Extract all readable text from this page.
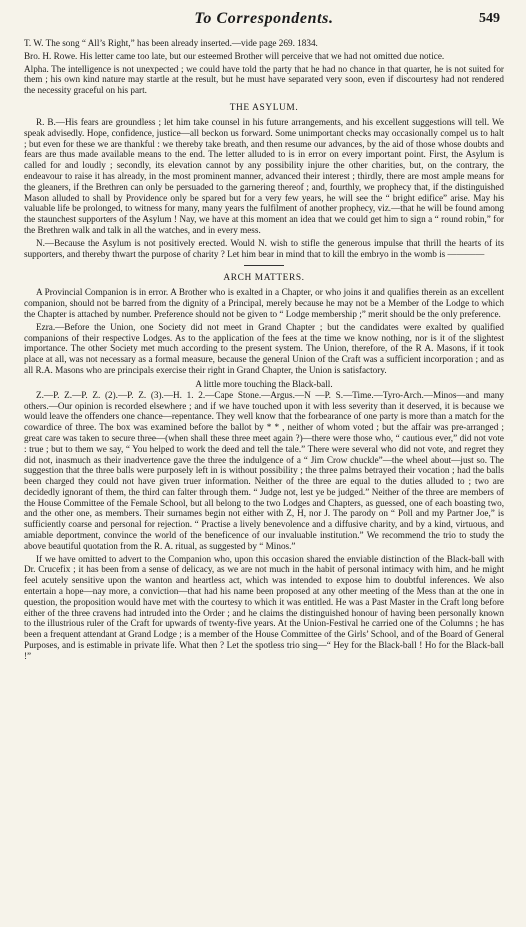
To Correspondents.	549

T. W. The song “ All’s Right,” has been already inserted.—vide page 269. 1834.

Bro. H. Rowe. His letter came too late, but our esteemed Brother will perceive that we had not omitted due notice.

Alpha. The intelligence is not unexpected ; we could have told the party that he had no chance in that quarter, he is not suited for them ; his own kind nature may startle at the result, but he must have separated very soon, even if discourtesy had not rendered the necessity graceful on his part.

THE ASYLUM.

R. B.—His fears are groundless ; let him take counsel in his future arrangements, and his excellent suggestions will tell. We speak advisedly. Hope, confidence, justice—all beckon us forward. Some unimportant checks may occasionally compel us to halt ; but even for these we are thankful : we thereby take breath, and then resume our advances, by the aid of those whose doubts and fears are thus made available means to the end. The letter alluded to is in error on every important point. First, the Asylum is called for and loudly ; secondly, its elevation cannot by any possibility injure the other charities, but, on the contrary, the endeavour to raise it has already, in the most prominent manner, advanced their interest ; thirdly, there are most ample means for the gleaners, if the Brethren can only be persuaded to the garnering thereof ; and, fourthly, we prophecy that, if the distinguished Mason alluded to shall by Providence only be spared but for a very few years, he will see the “ bright edifice” arise. May his valuable life be prolonged, to witness for many, many years the fulfilment of another prophecy, viz.—that he will be found among the staunchest supporters of the Asylum ! Nay, we have at this moment an idea that we could get him to sign a “ round robin,” for the Brethren walk and talk in all the watches, and in every mess.

N.—Because the Asylum is not positively erected. Would N. wish to stifle the generous impulse that thrill the hearts of its supporters, and thereby thwart the purpose of charity ? Let him bear in mind that to kill the embryo in the womb is ————

ARCH MATTERS.

A Provincial Companion is in error. A Brother who is exalted in a Chapter, or who joins it and qualifies therein as an excellent companion, should not be barred from the dignity of a Principal, merely because he may not be a Member of the Lodge to which the Chapter is attached by number. Preference should not be given to “ Lodge membership ;” merit should be the only preference.

Ezra.—Before the Union, one Society did not meet in Grand Chapter ; but the candidates were exalted by qualified companions of their respective Lodges. As to the application of the fees at the time we know nothing, nor is it of the slightest importance. The other Society met much according to the present system. The Union, therefore, of the R A. Masons, if it took place at all, was not necessary as a formal measure, because the general Union of the Craft was a sufficient incorporation ; and as all R.A. Masons who are principals exercise their right in Grand Chapter, the Union is satisfactory.

A little more touching the Black-ball.

Z.—P. Z.—P. Z. (2).—P. Z. (3).—H. 1. 2.—Cape Stone.—Argus.—N —P. S.—Time.—Tyro-Arch.—Minos—and many others.—Our opinion is recorded elsewhere ; and if we have touched upon it with less severity than it deserved, it is because we would leave the offenders one chance—repentance. They well know that the forbearance of one party is more than a match for the cowardice of three. The box was examined before the ballot by * * , neither of whom voted ; but the affair was pre-arranged ; great care was taken to secure three—(when shall these three meet again ?)—there were those who, “ cautious ever,” did not vote : true ; but to them we say, “ You helped to work the deed and tell the tale.” There were several who did not vote, and regret they did not, inasmuch as their inadvertence gave the three the indulgence of a “ Jim Crow chuckle”—the wheel about—just so. The suggestion that the three balls were purposely left in is without possibility ; the three palms betrayed their vocation ; had the balls been charged they could not have given truer information. Neither of the three are equal to the duties alluded to ; two are decidedly ignorant of them, the third can falter through them. “ Judge not, lest ye be judged.” Neither of the three are members of the House Committee of the Female School, but all belong to the two Lodges and Chapters, as guessed, one of each boasting two, and the other one, as members. Their surnames begin not either with Z, H, nor J. The parody on “ Poll and my Partner Joe,” is sufficiently coarse and personal for rejection. “ Practise a lively benevolence and a diffusive charity, and by a kind, virtuous, and amiable deportment, convince the world of the beneficence of our invaluable institution.” We recommend the trio to study the above beautiful quotation from the R. A. ritual, as suggested by “ Minos.”

If we have omitted to advert to the Companion who, upon this occasion shared the enviable distinction of the Black-ball with Dr. Crucefix ; it has been from a sense of delicacy, as we are not much in the habit of personal intimacy with him, and he might feel acutely sensitive upon the wanton and heartless act, which was intended to expose him to doubtful inferences. We also entertain a hope—nay more, a conviction—that had his name been proposed at any other meeting of the Mess than at the one in question, the proposition would have met with the courtesy to which it was entitled. He was a Past Master in the Craft long before either of the three cravens had intruded into the Order ; and he claims the distinguished honour of having been personally known to the illustrious ruler of the Craft for upwards of twenty-five years. At the Union-Festival he carried one of the Columns ; he has been a frequent attendant at Grand Lodge ; is a member of the House Committee of the Girls’ School, and of the Board of General Purposes, and is estimable in private life. What then ? Let the spotless trio sing—“ Hey for the Black-ball ! Ho for the Black-ball !”
